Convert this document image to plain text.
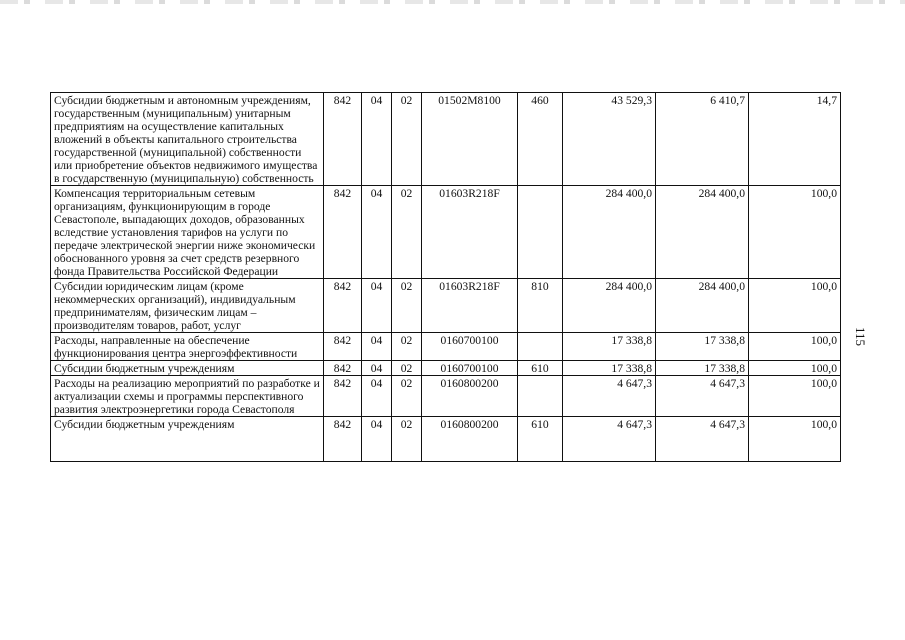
Субсидии бюджетным и автономным учреждениям, государственным (муниципальным) унитарным предприятиям на осуществление капитальных вложений в объекты капитального строительства государственной (муниципальной) собственности или приобретение объектов недвижимого имущества в государственную (муниципальную) собственность	842	04	02	01502M8100	460	43 529,3	6 410,7	14,7
Компенсация территориальным сетевым организациям, функционирующим в городе Севастополе, выпадающих доходов, образованных вследствие установления тарифов на услуги по передаче электрической энергии ниже экономически обоснованного уровня за счет средств резервного фонда Правительства Российской Федерации	842	04	02	01603R218F		284 400,0	284 400,0	100,0
Субсидии юридическим лицам (кроме некоммерческих организаций), индивидуальным предпринимателям, физическим лицам – производителям товаров, работ, услуг	842	04	02	01603R218F	810	284 400,0	284 400,0	100,0
Расходы, направленные на обеспечение функционирования центра энергоэффективности	842	04	02	0160700100		17 338,8	17 338,8	100,0
Субсидии бюджетным учреждениям	842	04	02	0160700100	610	17 338,8	17 338,8	100,0
Расходы на реализацию мероприятий по разработке и актуализации схемы и программы перспективного развития электроэнергетики города Севастополя	842	04	02	0160800200		4 647,3	4 647,3	100,0
Субсидии бюджетным учреждениям	842	04	02	0160800200	610	4 647,3	4 647,3	100,0
115
